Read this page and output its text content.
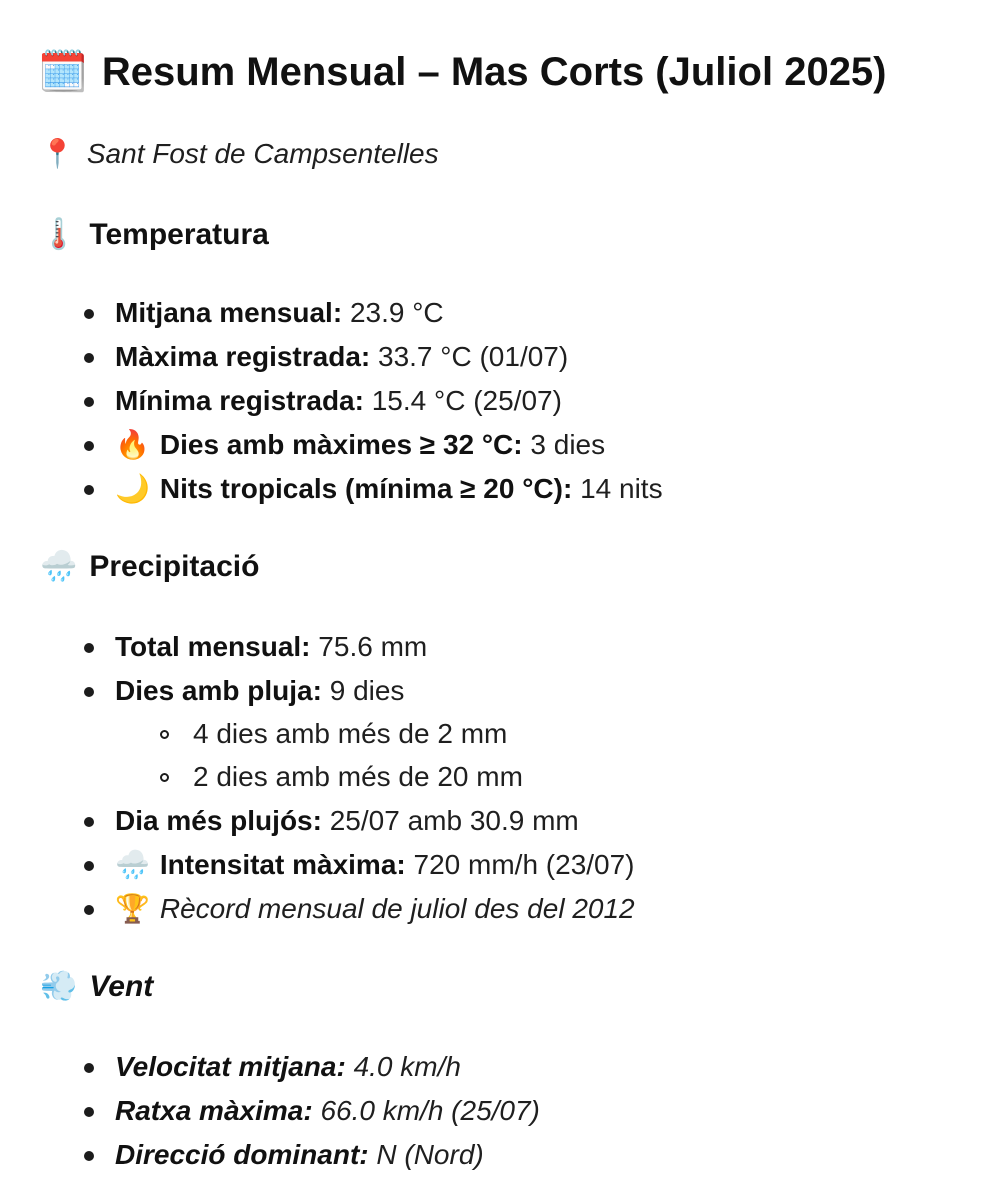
🗓️ Resum Mensual – Mas Corts (Juliol 2025)
📍 Sant Fost de Campsentelles
🌡️ Temperatura
Mitjana mensual: 23.9 °C
Màxima registrada: 33.7 °C (01/07)
Mínima registrada: 15.4 °C (25/07)
🔥 Dies amb màximes ≥ 32 °C: 3 dies
🌙 Nits tropicals (mínima ≥ 20 °C): 14 nits
🌧️ Precipitació
Total mensual: 75.6 mm
Dies amb pluja: 9 dies
4 dies amb més de 2 mm
2 dies amb més de 20 mm
Dia més plujós: 25/07 amb 30.9 mm
🌧️ Intensitat màxima: 720 mm/h (23/07)
🏆 Rècord mensual de juliol des del 2012
💨 Vent
Velocitat mitjana: 4.0 km/h
Ratxa màxima: 66.0 km/h (25/07)
Direcció dominant: N (Nord)
